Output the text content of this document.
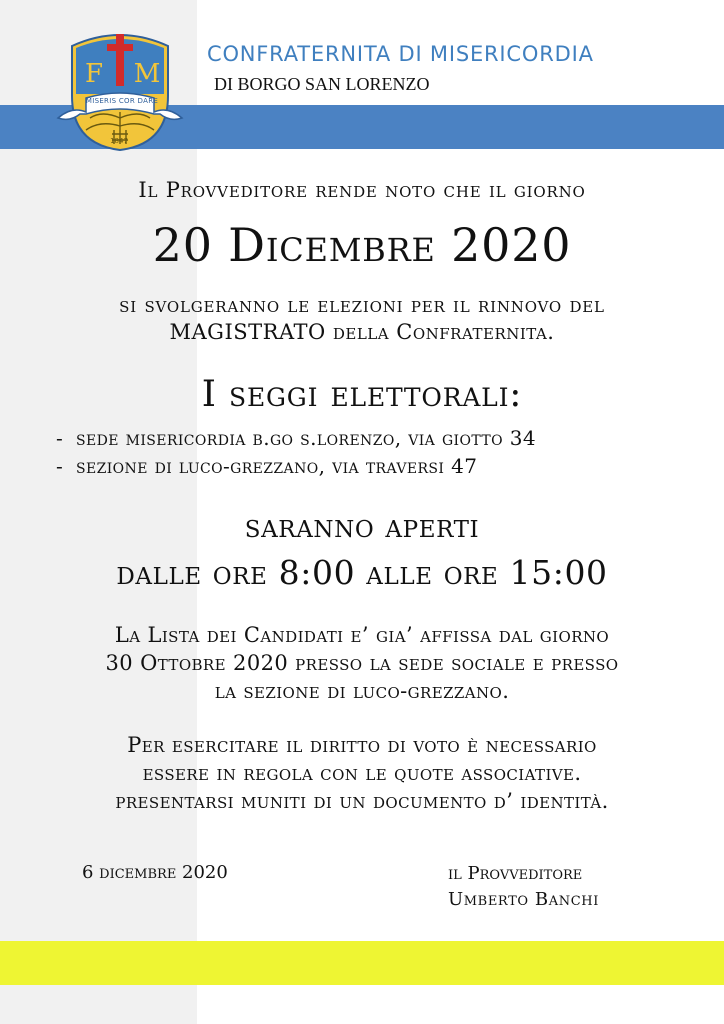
F M
MISERIS COR DARE
1847
CONFRATERNITA DI MISERICORDIA
DI BORGO SAN LORENZO
Il Provveditore rende noto che il giorno
20 Dicembre 2020
si svolgeranno le elezioni per il rinnovo del
MAGISTRATO della Confraternita.
I seggi elettorali:
- sede misericordia b.go s.lorenzo, via giotto 34
- sezione di luco-grezzano, via traversi 47
saranno aperti
dalle ore 8:00 alle ore 15:00
La Lista dei Candidati e’ gia’ affissa dal giorno
30 Ottobre 2020 presso la sede sociale e presso
la sezione di luco-grezzano.
Per esercitare il diritto di voto è necessario
essere in regola con le quote associative.
presentarsi muniti di un documento d’ identità.
6 dicembre 2020	il Provveditore
Umberto Banchi
